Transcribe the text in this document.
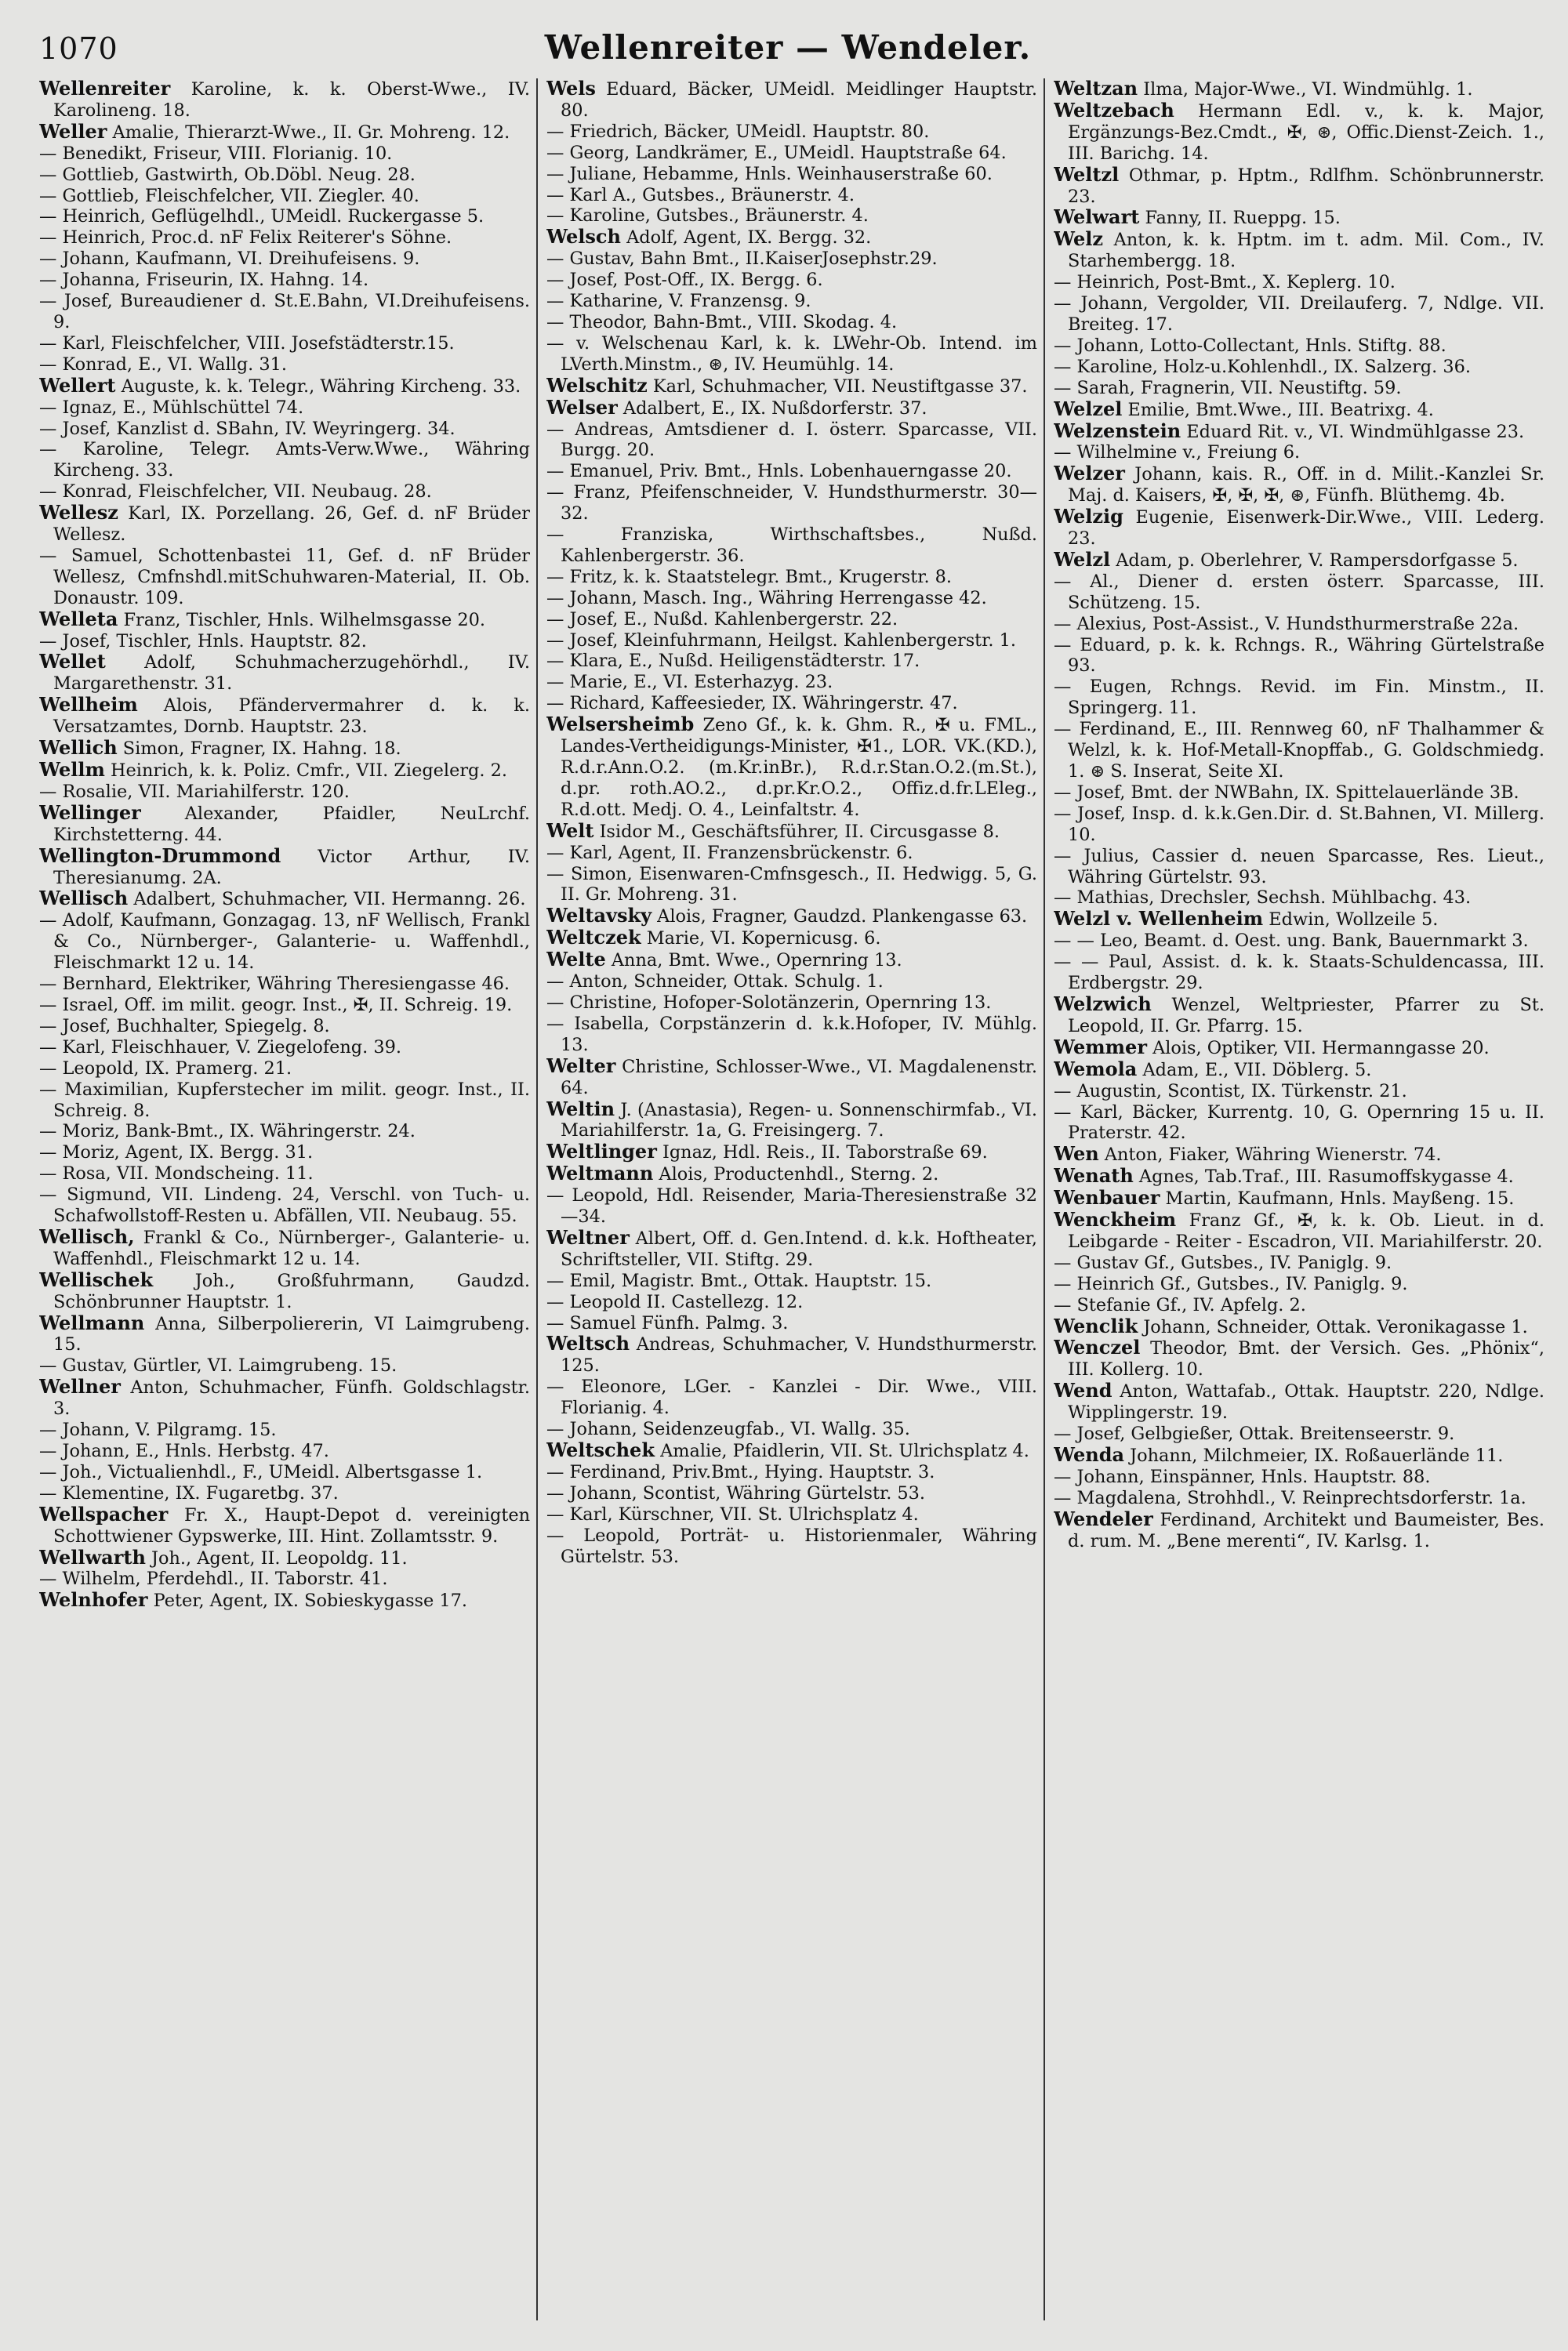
1070	Wellenreiter — Wendeler.
Wellenreiter Karoline, k. k. Oberst-Wwe., IV. Karolineng. 18.
Weller Amalie, Thierarzt-Wwe., II. Gr. Mohreng. 12.
— Benedikt, Friseur, VIII. Florianig. 10.
— Gottlieb, Gastwirth, Ob.Döbl. Neug. 28.
— Gottlieb, Fleischfelcher, VII. Ziegler. 40.
— Heinrich, Geflügelhdl., UMeidl. Ruckergasse 5.
— Heinrich, Proc.d. nF Felix Reiterer's Söhne.
— Johann, Kaufmann, VI. Dreihufeisens. 9.
— Johanna, Friseurin, IX. Hahng. 14.
— Josef, Bureaudiener d. St.E.Bahn, VI.Dreihufeisens. 9.
— Karl, Fleischfelcher, VIII. Josefstädterstr.15.
— Konrad, E., VI. Wallg. 31.
Wellert Auguste, k. k. Telegr., Währing Kircheng. 33.
— Ignaz, E., Mühlschüttel 74.
— Josef, Kanzlist d. SBahn, IV. Weyringerg. 34.
— Karoline, Telegr. Amts-Verw.Wwe., Währing Kircheng. 33.
— Konrad, Fleischfelcher, VII. Neubaug. 28.
Wellesz Karl, IX. Porzellang. 26, Gef. d. nF Brüder Wellesz.
— Samuel, Schottenbastei 11, Gef. d. nF Brüder Wellesz, Cmfnshdl.mitSchuhwaren-Material, II. Ob. Donaustr. 109.
Welleta Franz, Tischler, Hnls. Wilhelmsgasse 20.
— Josef, Tischler, Hnls. Hauptstr. 82.
Wellet Adolf, Schuhmacherzugehörhdl., IV. Margarethenstr. 31.
Wellheim Alois, Pfändervermahrer d. k. k. Versatzamtes, Dornb. Hauptstr. 23.
Wellich Simon, Fragner, IX. Hahng. 18.
Wellm Heinrich, k. k. Poliz. Cmfr., VII. Ziegelerg. 2.
— Rosalie, VII. Mariahilferstr. 120.
Wellinger Alexander, Pfaidler, NeuLrchf. Kirchstetterng. 44.
Wellington-Drummond Victor Arthur, IV. Theresianumg. 2A.
Wellisch Adalbert, Schuhmacher, VII. Hermanng. 26.
— Adolf, Kaufmann, Gonzagag. 13, nF Wellisch, Frankl & Co., Nürnberger-, Galanterie- u. Waffenhdl., Fleischmarkt 12 u. 14.
— Bernhard, Elektriker, Währing Theresiengasse 46.
— Israel, Off. im milit. geogr. Inst., ✠, II. Schreig. 19.
— Josef, Buchhalter, Spiegelg. 8.
— Karl, Fleischhauer, V. Ziegelofeng. 39.
— Leopold, IX. Pramerg. 21.
— Maximilian, Kupferstecher im milit. geogr. Inst., II. Schreig. 8.
— Moriz, Bank-Bmt., IX. Währingerstr. 24.
— Moriz, Agent, IX. Bergg. 31.
— Rosa, VII. Mondscheing. 11.
— Sigmund, VII. Lindeng. 24, Verschl. von Tuch- u. Schafwollstoff-Resten u. Abfällen, VII. Neubaug. 55.
Wellisch, Frankl & Co., Nürnberger-, Galanterie- u. Waffenhdl., Fleischmarkt 12 u. 14.
Wellischek Joh., Großfuhrmann, Gaudzd. Schönbrunner Hauptstr. 1.
Wellmann Anna, Silberpoliererin, VI Laimgrubeng. 15.
— Gustav, Gürtler, VI. Laimgrubeng. 15.
Wellner Anton, Schuhmacher, Fünfh. Goldschlagstr. 3.
— Johann, V. Pilgramg. 15.
— Johann, E., Hnls. Herbstg. 47.
— Joh., Victualienhdl., F., UMeidl. Albertsgasse 1.
— Klementine, IX. Fugaretbg. 37.
Wellspacher Fr. X., Haupt-Depot d. vereinigten Schottwiener Gypswerke, III. Hint. Zollamtsstr. 9.
Wellwarth Joh., Agent, II. Leopoldg. 11.
— Wilhelm, Pferdehdl., II. Taborstr. 41.
Welnhofer Peter, Agent, IX. Sobieskygasse 17.
Wels Eduard, Bäcker, UMeidl. Meidlinger Hauptstr. 80.
— Friedrich, Bäcker, UMeidl. Hauptstr. 80.
— Georg, Landkrämer, E., UMeidl. Hauptstraße 64.
— Juliane, Hebamme, Hnls. Weinhauserstraße 60.
— Karl A., Gutsbes., Bräunerstr. 4.
— Karoline, Gutsbes., Bräunerstr. 4.
Welsch Adolf, Agent, IX. Bergg. 32.
— Gustav, Bahn Bmt., II.KaiserJosephstr.29.
— Josef, Post-Off., IX. Bergg. 6.
— Katharine, V. Franzensg. 9.
— Theodor, Bahn-Bmt., VIII. Skodag. 4.
— v. Welschenau Karl, k. k. LWehr-Ob. Intend. im LVerth.Minstm., ⊛, IV. Heumühlg. 14.
Welschitz Karl, Schuhmacher, VII. Neustiftgasse 37.
Welser Adalbert, E., IX. Nußdorferstr. 37.
— Andreas, Amtsdiener d. I. österr. Sparcasse, VII. Burgg. 20.
— Emanuel, Priv. Bmt., Hnls. Lobenhauerngasse 20.
— Franz, Pfeifenschneider, V. Hundsthurmerstr. 30—32.
— Franziska, Wirthschaftsbes., Nußd. Kahlenbergerstr. 36.
— Fritz, k. k. Staatstelegr. Bmt., Krugerstr. 8.
— Johann, Masch. Ing., Währing Herrengasse 42.
— Josef, E., Nußd. Kahlenbergerstr. 22.
— Josef, Kleinfuhrmann, Heilgst. Kahlenbergerstr. 1.
— Klara, E., Nußd. Heiligenstädterstr. 17.
— Marie, E., VI. Esterhazyg. 23.
— Richard, Kaffeesieder, IX. Währingerstr. 47.
Welsersheimb Zeno Gf., k. k. Ghm. R., ✠ u. FML., Landes-Vertheidigungs-Minister, ✠1., LOR. VK.(KD.), R.d.r.Ann.O.2. (m.Kr.inBr.), R.d.r.Stan.O.2.(m.St.), d.pr. roth.AO.2., d.pr.Kr.O.2., Offiz.d.fr.LEleg., R.d.ott. Medj. O. 4., Leinfaltstr. 4.
Welt Isidor M., Geschäftsführer, II. Circusgasse 8.
— Karl, Agent, II. Franzensbrückenstr. 6.
— Simon, Eisenwaren-Cmfnsgesch., II. Hedwigg. 5, G. II. Gr. Mohreng. 31.
Weltavsky Alois, Fragner, Gaudzd. Plankengasse 63.
Weltczek Marie, VI. Kopernicusg. 6.
Welte Anna, Bmt. Wwe., Opernring 13.
— Anton, Schneider, Ottak. Schulg. 1.
— Christine, Hofoper-Solotänzerin, Opernring 13.
— Isabella, Corpstänzerin d. k.k.Hofoper, IV. Mühlg. 13.
Welter Christine, Schlosser-Wwe., VI. Magdalenenstr. 64.
Weltin J. (Anastasia), Regen- u. Sonnenschirmfab., VI. Mariahilferstr. 1a, G. Freisingerg. 7.
Weltlinger Ignaz, Hdl. Reis., II. Taborstraße 69.
Weltmann Alois, Productenhdl., Sterng. 2.
— Leopold, Hdl. Reisender, Maria-Theresienstraße 32—34.
Weltner Albert, Off. d. Gen.Intend. d. k.k. Hoftheater, Schriftsteller, VII. Stiftg. 29.
— Emil, Magistr. Bmt., Ottak. Hauptstr. 15.
— Leopold II. Castellezg. 12.
— Samuel Fünfh. Palmg. 3.
Weltsch Andreas, Schuhmacher, V. Hundsthurmerstr. 125.
— Eleonore, LGer. - Kanzlei - Dir. Wwe., VIII. Florianig. 4.
— Johann, Seidenzeugfab., VI. Wallg. 35.
Weltschek Amalie, Pfaidlerin, VII. St. Ulrichsplatz 4.
— Ferdinand, Priv.Bmt., Hying. Hauptstr. 3.
— Johann, Scontist, Währing Gürtelstr. 53.
— Karl, Kürschner, VII. St. Ulrichsplatz 4.
— Leopold, Porträt- u. Historienmaler, Währing Gürtelstr. 53.
Weltzan Ilma, Major-Wwe., VI. Windmühlg. 1.
Weltzebach Hermann Edl. v., k. k. Major, Ergänzungs-Bez.Cmdt., ✠, ⊛, Offic.Dienst-Zeich. 1., III. Barichg. 14.
Weltzl Othmar, p. Hptm., Rdlfhm. Schönbrunnerstr. 23.
Welwart Fanny, II. Rueppg. 15.
Welz Anton, k. k. Hptm. im t. adm. Mil. Com., IV. Starhembergg. 18.
— Heinrich, Post-Bmt., X. Keplerg. 10.
— Johann, Vergolder, VII. Dreilauferg. 7, Ndlge. VII. Breiteg. 17.
— Johann, Lotto-Collectant, Hnls. Stiftg. 88.
— Karoline, Holz-u.Kohlenhdl., IX. Salzerg. 36.
— Sarah, Fragnerin, VII. Neustiftg. 59.
Welzel Emilie, Bmt.Wwe., III. Beatrixg. 4.
Welzenstein Eduard Rit. v., VI. Windmühlgasse 23.
— Wilhelmine v., Freiung 6.
Welzer Johann, kais. R., Off. in d. Milit.-Kanzlei Sr. Maj. d. Kaisers, ✠, ✠, ✠, ⊛, Fünfh. Blüthemg. 4b.
Welzig Eugenie, Eisenwerk-Dir.Wwe., VIII. Lederg. 23.
Welzl Adam, p. Oberlehrer, V. Rampersdorfgasse 5.
— Al., Diener d. ersten österr. Sparcasse, III. Schützeng. 15.
— Alexius, Post-Assist., V. Hundsthurmerstraße 22a.
— Eduard, p. k. k. Rchngs. R., Währing Gürtelstraße 93.
— Eugen, Rchngs. Revid. im Fin. Minstm., II. Springerg. 11.
— Ferdinand, E., III. Rennweg 60, nF Thalhammer & Welzl, k. k. Hof-Metall-Knopffab., G. Goldschmiedg. 1. ⊛ S. Inserat, Seite XI.
— Josef, Bmt. der NWBahn, IX. Spittelauerlände 3B.
— Josef, Insp. d. k.k.Gen.Dir. d. St.Bahnen, VI. Millerg. 10.
— Julius, Cassier d. neuen Sparcasse, Res. Lieut., Währing Gürtelstr. 93.
— Mathias, Drechsler, Sechsh. Mühlbachg. 43.
Welzl v. Wellenheim Edwin, Wollzeile 5.
— — Leo, Beamt. d. Oest. ung. Bank, Bauernmarkt 3.
— — Paul, Assist. d. k. k. Staats-Schuldencassa, III. Erdbergstr. 29.
Welzwich Wenzel, Weltpriester, Pfarrer zu St. Leopold, II. Gr. Pfarrg. 15.
Wemmer Alois, Optiker, VII. Hermanngasse 20.
Wemola Adam, E., VII. Döblerg. 5.
— Augustin, Scontist, IX. Türkenstr. 21.
— Karl, Bäcker, Kurrentg. 10, G. Opernring 15 u. II. Praterstr. 42.
Wen Anton, Fiaker, Währing Wienerstr. 74.
Wenath Agnes, Tab.Traf., III. Rasumoffskygasse 4.
Wenbauer Martin, Kaufmann, Hnls. Mayßeng. 15.
Wenckheim Franz Gf., ✠, k. k. Ob. Lieut. in d. Leibgarde - Reiter - Escadron, VII. Mariahilferstr. 20.
— Gustav Gf., Gutsbes., IV. Paniglg. 9.
— Heinrich Gf., Gutsbes., IV. Paniglg. 9.
— Stefanie Gf., IV. Apfelg. 2.
Wenclik Johann, Schneider, Ottak. Veronikagasse 1.
Wenczel Theodor, Bmt. der Versich. Ges. „Phönix“, III. Kollerg. 10.
Wend Anton, Wattafab., Ottak. Hauptstr. 220, Ndlge. Wipplingerstr. 19.
— Josef, Gelbgießer, Ottak. Breitenseerstr. 9.
Wenda Johann, Milchmeier, IX. Roßauerlände 11.
— Johann, Einspänner, Hnls. Hauptstr. 88.
— Magdalena, Strohhdl., V. Reinprechtsdorferstr. 1a.
Wendeler Ferdinand, Architekt und Baumeister, Bes. d. rum. M. „Bene merenti“, IV. Karlsg. 1.
